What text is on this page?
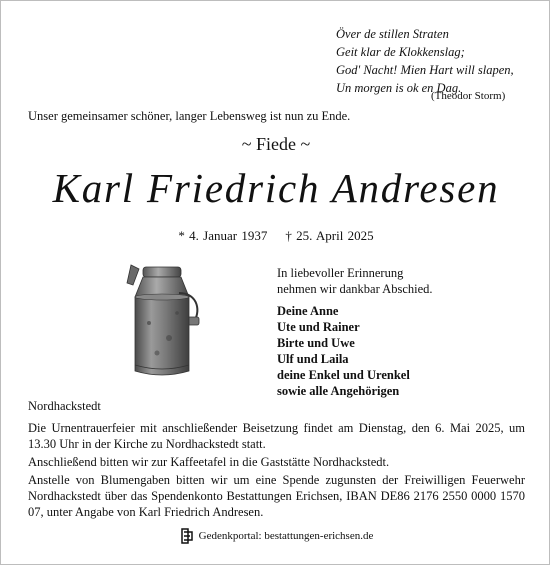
Över de stillen Straten
Geit klar de Klokkenslag;
God' Nacht! Mien Hart will slapen,
Un morgen is ok en Dag.
(Theodor Storm)
Unser gemeinsamer schöner, langer Lebensweg ist nun zu Ende.
~ Fiede ~
Karl Friedrich Andresen
* 4. Januar 1937 † 25. April 2025
In liebevoller Erinnerung
nehmen wir dankbar Abschied.
Deine Anne
Ute und Rainer
Birte und Uwe
Ulf und Laila
deine Enkel und Urenkel
sowie alle Angehörigen
Nordhackstedt
Die Urnentrauerfeier mit anschließender Beisetzung findet am Dienstag, den 6. Mai 2025, um 13.30 Uhr in der Kirche zu Nordhackstedt statt.
Anschließend bitten wir zur Kaffeetafel in die Gaststätte Nordhackstedt.
Anstelle von Blumengaben bitten wir um eine Spende zugunsten der Freiwilligen Feuerwehr Nordhackstedt über das Spendenkonto Bestattungen Erichsen, IBAN DE86 2176 2550 0000 1570 07, unter Angabe von Karl Friedrich Andresen.
Gedenkportal: bestattungen-erichsen.de
